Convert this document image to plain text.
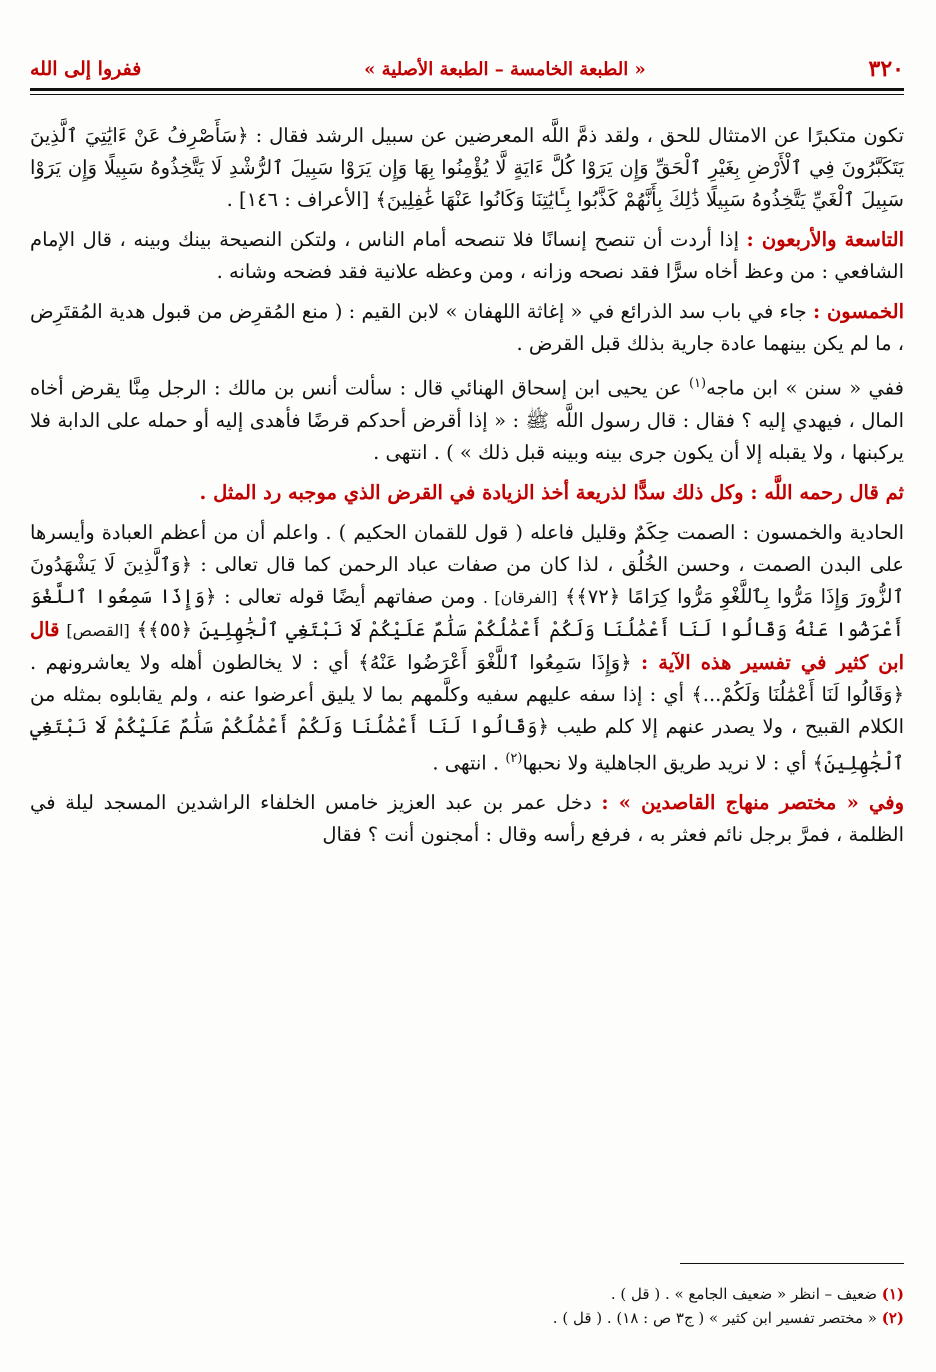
٣٢٠
« الطبعة الخامسة – الطبعة الأصلية »
ففروا إلى الله

تكون متكبرًا عن الامتثال للحق ، ولقد ذمَّ اللَّه المعرضين عن سبيل الرشد فقال : ﴿سَأَصْرِفُ عَنْ ءَايَٰتِيَ ٱلَّذِينَ يَتَكَبَّرُونَ فِي ٱلْأَرْضِ بِغَيْرِ ٱلْحَقِّ وَإِن يَرَوْا كُلَّ ءَايَةٍ لَّا يُؤْمِنُوا بِهَا وَإِن يَرَوْا سَبِيلَ ٱلرُّشْدِ لَا يَتَّخِذُوهُ سَبِيلًا وَإِن يَرَوْا سَبِيلَ ٱلْغَيِّ يَتَّخِذُوهُ سَبِيلًا ذَٰلِكَ بِأَنَّهُمْ كَذَّبُوا بِـَٔايَٰتِنَا وَكَانُوا عَنْهَا غَٰفِلِينَ﴾ [الأعراف : ١٤٦] .

التاسعة والأربعون : إذا أردت أن تنصح إنسانًا فلا تنصحه أمام الناس ، ولتكن النصيحة بينك وبينه ، قال الإمام الشافعي : من وعظ أخاه سرًّا فقد نصحه وزانه ، ومن وعظه علانية فقد فضحه وشانه .

الخمسون : جاء في باب سد الذرائع في « إغاثة اللهفان » لابن القيم : ( منع المُقرِض من قبول هدية المُقتَرِض ، ما لم يكن بينهما عادة جارية بذلك قبل القرض .

ففي « سنن » ابن ماجه$^{(١)}$ عن يحيى ابن إسحاق الهنائي قال : سألت أنس بن مالك : الرجل مِنَّا يقرض أخاه المال ، فيهدي إليه ؟ فقال : قال رسول اللَّه ﷺ : « إذا أقرض أحدكم قرضًا فأهدى إليه أو حمله على الدابة فلا يركبنها ، ولا يقبله إلا أن يكون جرى بينه وبينه قبل ذلك » ) . انتهى .

ثم قال رحمه اللَّه : وكل ذلك سدًّا لذريعة أخذ الزيادة في القرض الذي موجبه رد المثل .

الحادية والخمسون : الصمت حِكَمٌ وقليل فاعله ( قول للقمان الحكيم ) . واعلم أن من أعظم العبادة وأيسرها على البدن الصمت ، وحسن الخُلُق ، لذا كان من صفات عباد الرحمن كما قال تعالى : ﴿وَٱلَّذِينَ لَا يَشْهَدُونَ ٱلزُّورَ وَإِذَا مَرُّوا بِٱللَّغْوِ مَرُّوا كِرَامًا ﴿٧٢﴾﴾ [الفرقان] . ومن صفاتهم أيضًا قوله تعالى : ﴿وَإِذَا سَمِعُوا ٱللَّغْوَ أَعْرَضُوا عَنْهُ وَقَالُوا لَنَا أَعْمَٰلُنَا وَلَكُمْ أَعْمَٰلُكُمْ سَلَٰمٌ عَلَيْكُمْ لَا نَبْتَغِي ٱلْجَٰهِلِينَ ﴿٥٥﴾﴾ [القصص] قال ابن كثير في تفسير هذه الآية : ﴿وَإِذَا سَمِعُوا ٱللَّغْوَ أَعْرَضُوا عَنْهُ﴾ أي : لا يخالطون أهله ولا يعاشرونهم . ﴿وَقَالُوا لَنَا أَعْمَٰلُنَا وَلَكُمْ...﴾ أي : إذا سفه عليهم سفيه وكلَّمهم بما لا يليق أعرضوا عنه ، ولم يقابلوه بمثله من الكلام القبيح ، ولا يصدر عنهم إلا كلم طيب ﴿وَقَالُوا لَنَا أَعْمَٰلُنَا وَلَكُمْ أَعْمَٰلُكُمْ سَلَٰمٌ عَلَيْكُمْ لَا نَبْتَغِي ٱلْجَٰهِلِينَ﴾ أي : لا نريد طريق الجاهلية ولا نحبها$^{(٢)}$ . انتهى .

وفي « مختصر منهاج القاصدين » : دخل عمر بن عبد العزيز خامس الخلفاء الراشدين المسجد ليلة في الظلمة ، فمرَّ برجل نائم فعثر به ، فرفع رأسه وقال : أمجنون أنت ؟ فقال

(١) ضعيف – انظر « ضعيف الجامع » . ( قل ) .
(٢) « مختصر تفسير ابن كثير » ( ج٣ ص : ١٨) . ( قل ) .
